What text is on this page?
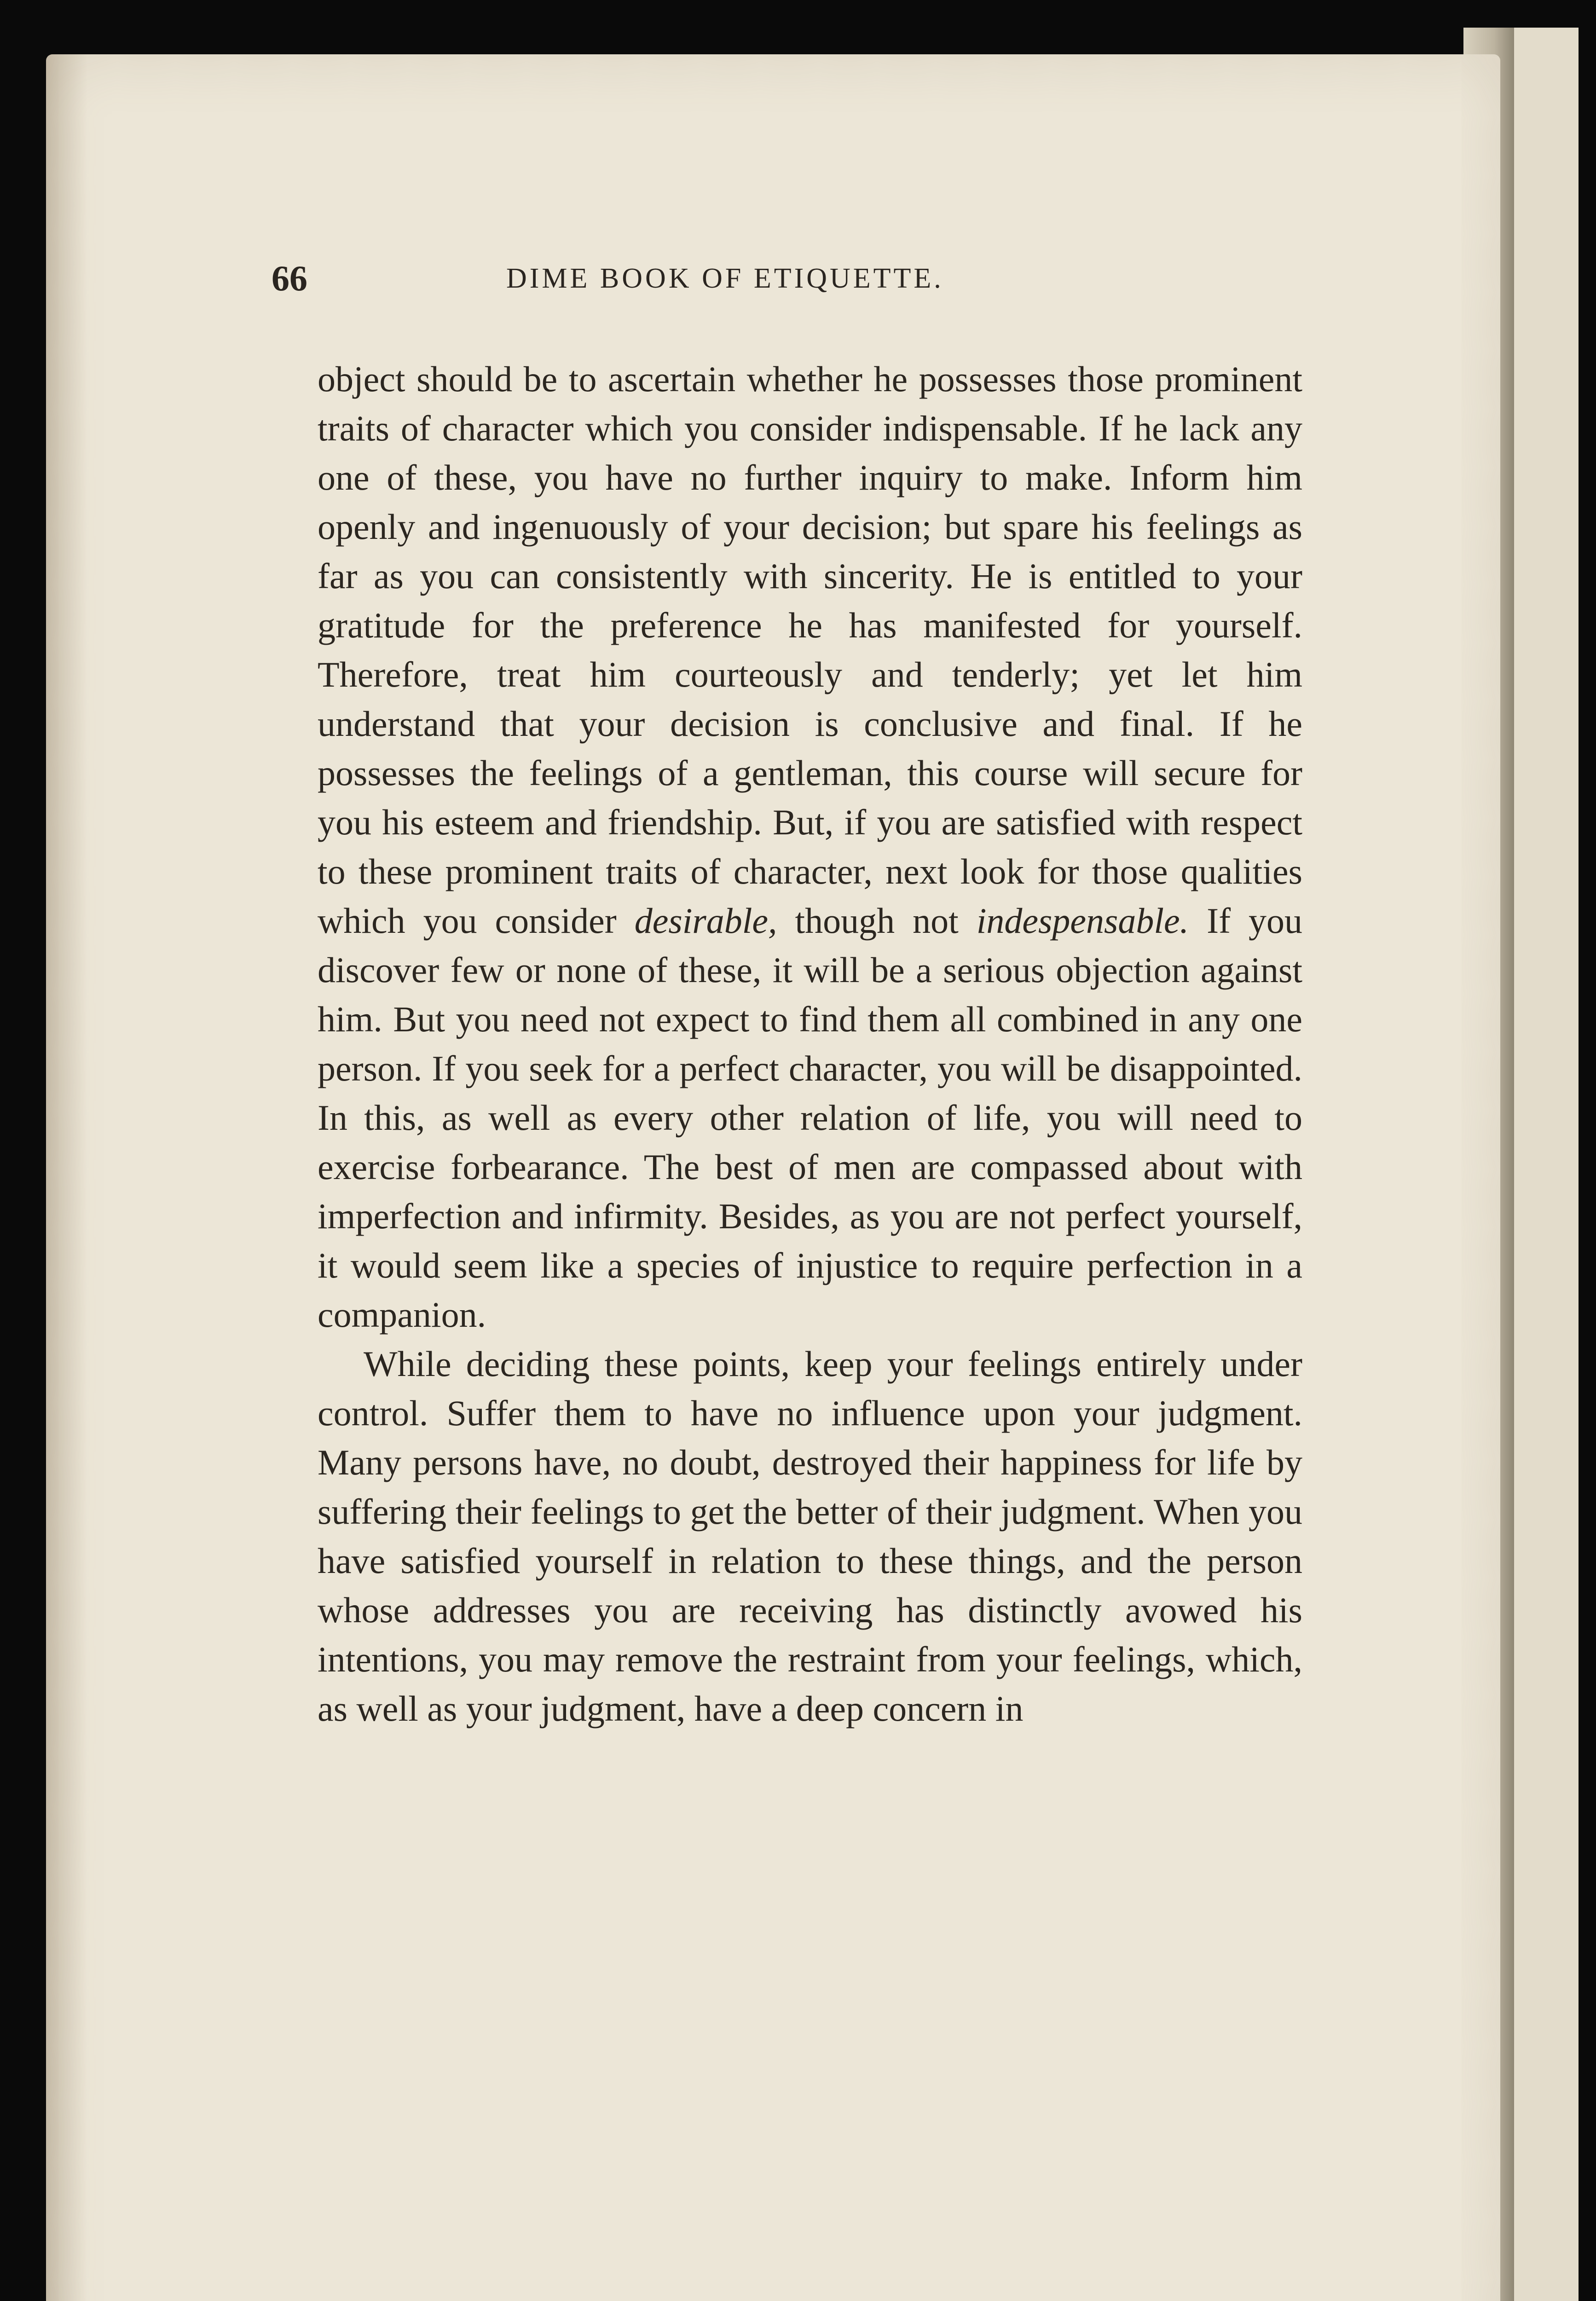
66	DIME BOOK OF ETIQUETTE.

object should be to ascertain whether he possesses those prominent traits of character which you consider indispensable. If he lack any one of these, you have no further inquiry to make. Inform him openly and ingenuously of your decision; but spare his feelings as far as you can consistently with sincerity. He is entitled to your gratitude for the preference he has manifested for yourself. Therefore, treat him courteously and tenderly; yet let him understand that your decision is conclusive and final. If he possesses the feelings of a gentleman, this course will secure for you his esteem and friendship. But, if you are satisfied with respect to these prominent traits of character, next look for those qualities which you consider desirable, though not indespensable. If you discover few or none of these, it will be a serious objection against him. But you need not expect to find them all combined in any one person. If you seek for a perfect character, you will be disappointed. In this, as well as every other relation of life, you will need to exercise forbearance. The best of men are compassed about with imperfection and infirmity. Besides, as you are not perfect yourself, it would seem like a species of injustice to require perfection in a companion.

While deciding these points, keep your feelings entirely under control. Suffer them to have no influence upon your judgment. Many persons have, no doubt, destroyed their happiness for life by suffering their feelings to get the better of their judgment. When you have satisfied yourself in relation to these things, and the person whose addresses you are receiving has distinctly avowed his intentions, you may remove the restraint from your feelings, which, as well as your judgment, have a deep concern in
